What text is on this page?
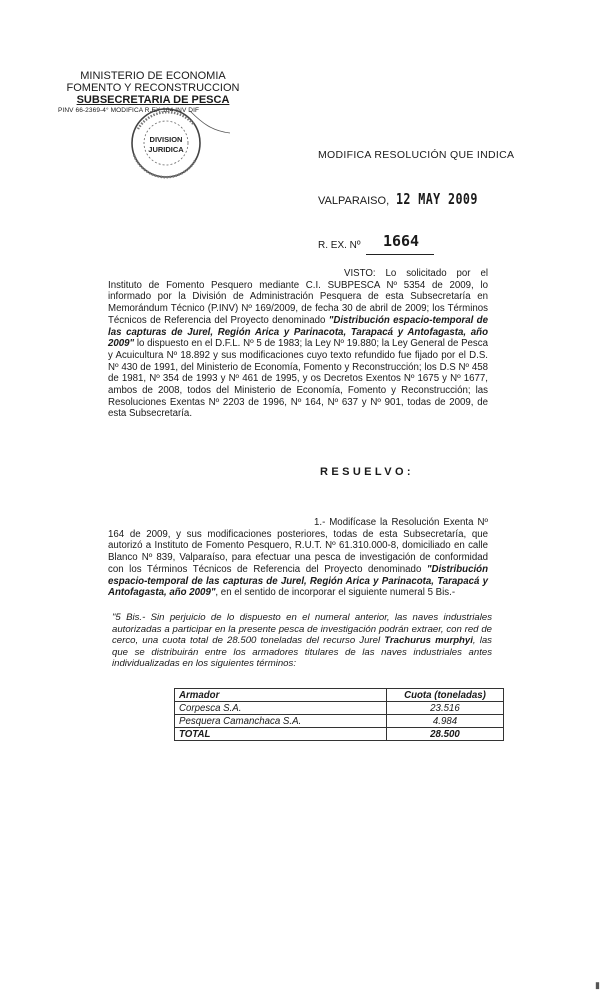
MINISTERIO DE ECONOMIA
FOMENTO Y RECONSTRUCCION
SUBSECRETARIA DE PESCA
PINV 66-2369-4° MODIFICA R.EX.164 INV DIF
DIVISION
JURIDICA	MODIFICA RESOLUCIÓN QUE INDICA
VALPARAISO, 12 MAY 2009
R. EX. Nº	1664
VISTO: Lo solicitado por el Instituto de Fomento Pesquero mediante C.I. SUBPESCA Nº 5354 de 2009, lo informado por la División de Administración Pesquera de esta Subsecretaría en Memorándum Técnico (P.INV) Nº 169/2009, de fecha 30 de abril de 2009; los Términos Técnicos de Referencia del Proyecto denominado "Distribución espacio-temporal de las capturas de Jurel, Región Arica y Parinacota, Tarapacá y Antofagasta, año 2009" lo dispuesto en el D.F.L. Nº 5 de 1983; la Ley Nº 19.880; la Ley General de Pesca y Acuicultura Nº 18.892 y sus modificaciones cuyo texto refundido fue fijado por el D.S. Nº 430 de 1991, del Ministerio de Economía, Fomento y Reconstrucción; los D.S Nº 458 de 1981, Nº 354 de 1993 y Nº 461 de 1995, y os Decretos Exentos Nº 1675 y Nº 1677, ambos de 2008, todos del Ministerio de Economía, Fomento y Reconstrucción; las Resoluciones Exentas Nº 2203 de 1996, Nº 164, Nº 637 y Nº 901, todas de 2009, de esta Subsecretaría.
RESUELVO:
1.- Modifícase la Resolución Exenta Nº 164 de 2009, y sus modificaciones posteriores, todas de esta Subsecretaría, que autorizó a Instituto de Fomento Pesquero, R.U.T. Nº 61.310.000-8, domiciliado en calle Blanco Nº 839, Valparaíso, para efectuar una pesca de investigación de conformidad con los Términos Técnicos de Referencia del Proyecto denominado "Distribución espacio-temporal de las capturas de Jurel, Región Arica y Parinacota, Tarapacá y Antofagasta, año 2009", en el sentido de incorporar el siguiente numeral 5 Bis.-
"5 Bis.- Sin perjuicio de lo dispuesto en el numeral anterior, las naves industriales autorizadas a participar en la presente pesca de investigación podrán extraer, con red de cerco, una cuota total de 28.500 toneladas del recurso Jurel Trachurus murphyi, las que se distribuirán entre los armadores titulares de las naves industriales antes individualizadas en los siguientes términos:
Armador	Cuota (toneladas)
Corpesca S.A.	23.516
Pesquera Camanchaca S.A.	4.984
TOTAL	28.500
▮
